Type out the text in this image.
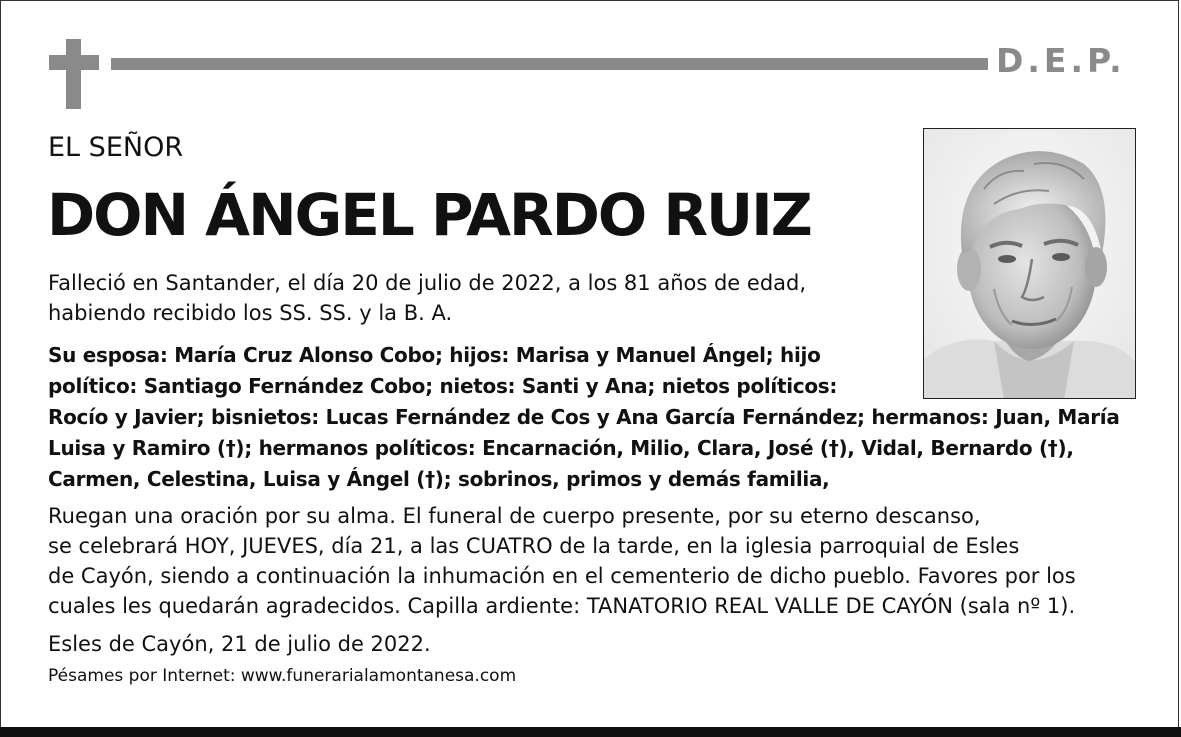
D.E.P.
EL SEÑOR
DON ÁNGEL PARDO RUIZ
Falleció en Santander, el día 20 de julio de 2022, a los 81 años de edad,
habiendo recibido los SS. SS. y la B. A.
Su esposa: María Cruz Alonso Cobo; hijos: Marisa y Manuel Ángel; hijo
político: Santiago Fernández Cobo; nietos: Santi y Ana; nietos políticos:
Rocío y Javier; bisnietos: Lucas Fernández de Cos y Ana García Fernández; hermanos: Juan, María
Luisa y Ramiro (†); hermanos políticos: Encarnación, Milio, Clara, José (†), Vidal, Bernardo (†),
Carmen, Celestina, Luisa y Ángel (†); sobrinos, primos y demás familia,
Ruegan una oración por su alma. El funeral de cuerpo presente, por su eterno descanso,
se celebrará HOY, JUEVES, día 21, a las CUATRO de la tarde, en la iglesia parroquial de Esles
de Cayón, siendo a continuación la inhumación en el cementerio de dicho pueblo. Favores por los
cuales les quedarán agradecidos. Capilla ardiente: TANATORIO REAL VALLE DE CAYÓN (sala nº 1).
Esles de Cayón, 21 de julio de 2022.
Pésames por Internet: www.funerarialamontanesa.com
